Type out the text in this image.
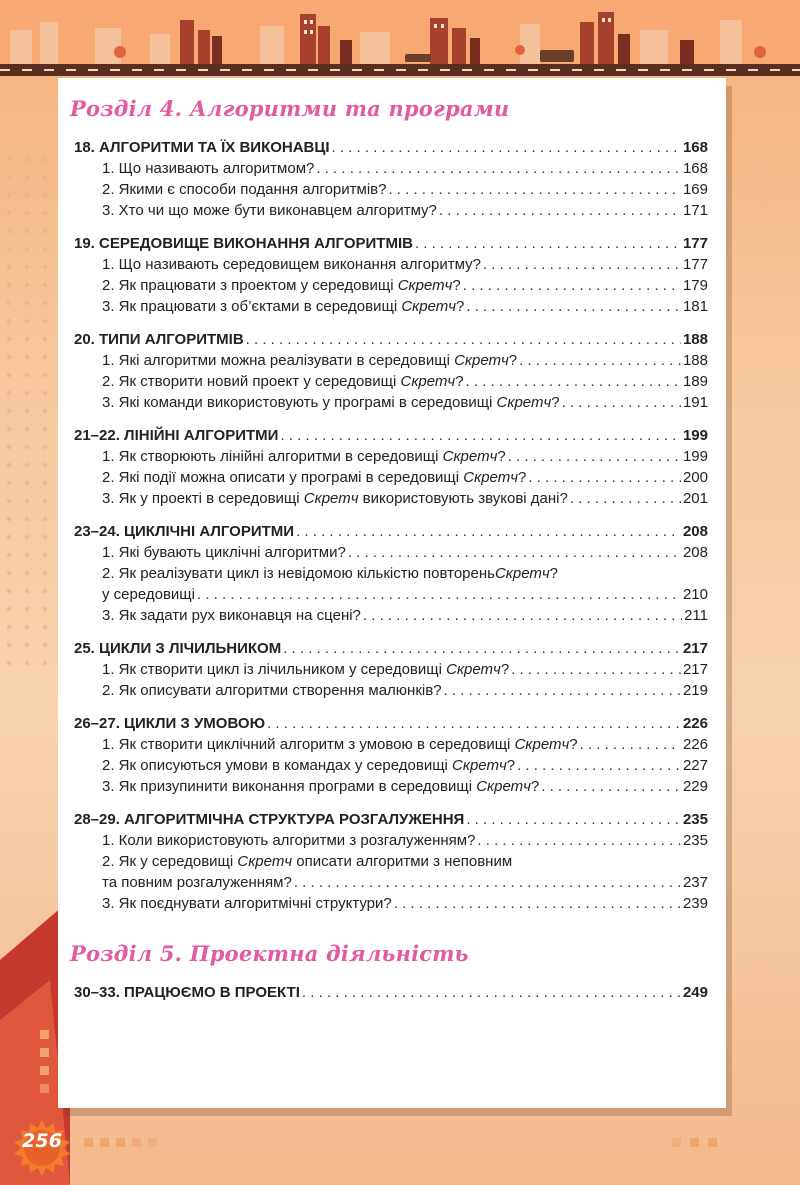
Розділ 4. Алгоритми та програми
18. АЛГОРИТМИ ТА ЇХ ВИКОНАВЦІ . . .	168
1. Що називають алгоритмом? . . .	168
2. Якими є способи подання алгоритмів? . . .	169
3. Хто чи що може бути виконавцем алгоритму? . . .	171
19. СЕРЕДОВИЩЕ ВИКОНАННЯ АЛГОРИТМІВ . . .	177
1. Що називають середовищем виконання алгоритму? . . .	177
2. Як працювати з проектом у середовищі Скретч? . . .	179
3. Як працювати з об’єктами в середовищі Скретч? . . .	181
20. ТИПИ АЛГОРИТМІВ . . .	188
1. Які алгоритми можна реалізувати в середовищі Скретч? . . .	188
2. Як створити новий проект у середовищі Скретч? . . .	189
3. Які команди використовують у програмі в середовищі Скретч? . . .	191
21–22. ЛІНІЙНІ АЛГОРИТМИ . . .	199
1. Як створюють лінійні алгоритми в середовищі Скретч? . . .	199
2. Які події можна описати у програмі в середовищі Скретч? . . .	200
3. Як у проекті в середовищі Скретч використовують звукові дані? . . .	201
23–24. ЦИКЛІЧНІ АЛГОРИТМИ . . .	208
1. Які бувають циклічні алгоритми? . . .	208
2. Як реалізувати цикл із невідомою кількістю повтореньСкретч?
у середовищі . . .	210
3. Як задати рух виконавця на сцені? . . .	211
25. ЦИКЛИ З ЛІЧИЛЬНИКОМ . . .	217
1. Як створити цикл із лічильником у середовищі Скретч? . . .	217
2. Як описувати алгоритми створення малюнків? . . .	219
26–27. ЦИКЛИ З УМОВОЮ . . .	226
1. Як створити циклічний алгоритм з умовою в середовищі Скретч? . . .	226
2. Як описуються умови в командах у середовищі Скретч? . . .	227
3. Як призупинити виконання програми в середовищі Скретч? . . .	229
28–29. АЛГОРИТМІЧНА СТРУКТУРА РОЗГАЛУЖЕННЯ . . .	235
1. Коли використовують алгоритми з розгалуженням? . . .	235
2. Як у середовищі Скретч описати алгоритми з неповним
та повним розгалуженням? . . .	237
3. Як поєднувати алгоритмічні структури? . . .	239
Розділ 5. Проектна діяльність
30–33. ПРАЦЮЄМО В ПРОЕКТІ . . .	249
256
